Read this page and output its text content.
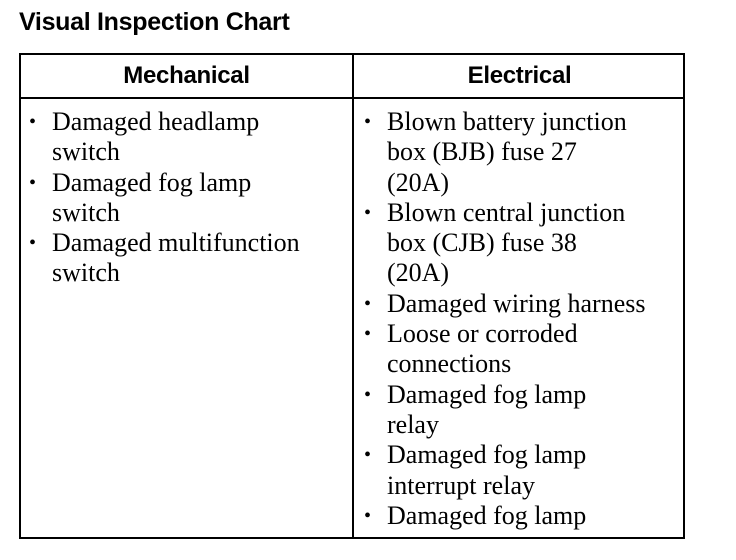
Visual Inspection Chart
Mechanical	Electrical
• Damaged headlamp
switch
• Damaged fog lamp
switch
• Damaged multifunction
switch
• Blown battery junction
box (BJB) fuse 27
(20A)
• Blown central junction
box (CJB) fuse 38
(20A)
• Damaged wiring harness
• Loose or corroded
connections
• Damaged fog lamp
relay
• Damaged fog lamp
interrupt relay
• Damaged fog lamp
